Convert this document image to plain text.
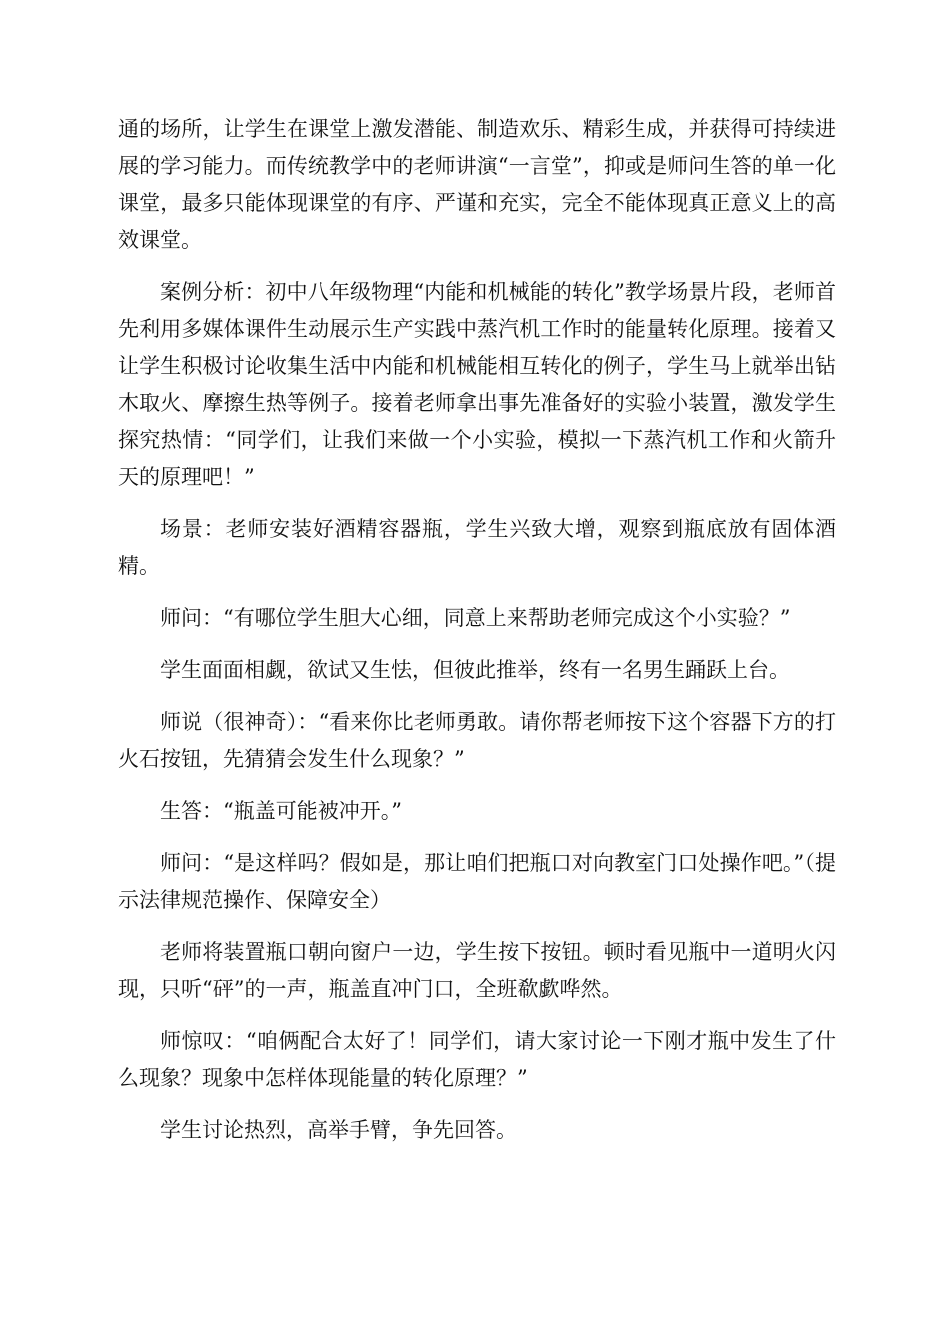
通的场所，让学生在课堂上激发潜能、制造欢乐、精彩生成，并获得可持续进展的学习能力。而传统教学中的老师讲演“一言堂”，抑或是师问生答的单一化课堂，最多只能体现课堂的有序、严谨和充实，完全不能体现真正意义上的高效课堂。

案例分析：初中八年级物理“内能和机械能的转化”教学场景片段，老师首先利用多媒体课件生动展示生产实践中蒸汽机工作时的能量转化原理。接着又让学生积极讨论收集生活中内能和机械能相互转化的例子，学生马上就举出钻木取火、摩擦生热等例子。接着老师拿出事先准备好的实验小装置，激发学生探究热情：“同学们，让我们来做一个小实验，模拟一下蒸汽机工作和火箭升天的原理吧！”

场景：老师安装好酒精容器瓶，学生兴致大增，观察到瓶底放有固体酒精。

师问：“有哪位学生胆大心细，同意上来帮助老师完成这个小实验？”

学生面面相觑，欲试又生怯，但彼此推举，终有一名男生踊跃上台。

师说（很神奇）：“看来你比老师勇敢。请你帮老师按下这个容器下方的打火石按钮，先猜猜会发生什么现象？”

生答：“瓶盖可能被冲开。”

师问：“是这样吗？假如是，那让咱们把瓶口对向教室门口处操作吧。”（提示法律规范操作、保障安全）

老师将装置瓶口朝向窗户一边，学生按下按钮。顿时看见瓶中一道明火闪现，只听“砰”的一声，瓶盖直冲门口，全班欷歔哗然。

师惊叹：“咱俩配合太好了！同学们，请大家讨论一下刚才瓶中发生了什么现象？现象中怎样体现能量的转化原理？”

学生讨论热烈，高举手臂，争先回答。
